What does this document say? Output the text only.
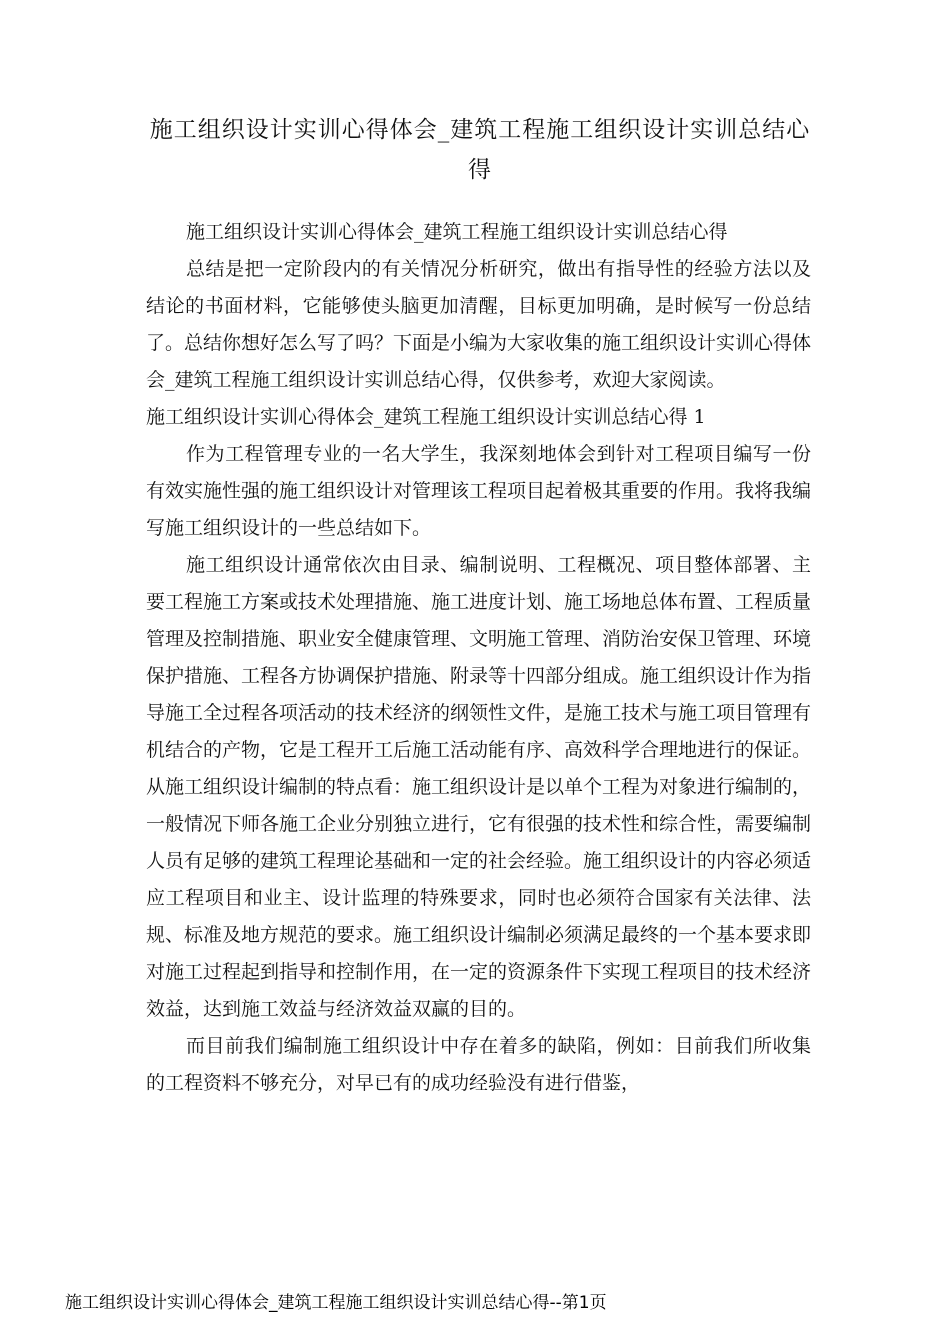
施工组织设计实训心得体会_建筑工程施工组织设计实训总结心得

施工组织设计实训心得体会_建筑工程施工组织设计实训总结心得

总结是把一定阶段内的有关情况分析研究，做出有指导性的经验方法以及结论的书面材料，它能够使头脑更加清醒，目标更加明确，是时候写一份总结了。总结你想好怎么写了吗？下面是小编为大家收集的施工组织设计实训心得体会_建筑工程施工组织设计实训总结心得，仅供参考，欢迎大家阅读。

施工组织设计实训心得体会_建筑工程施工组织设计实训总结心得 1

作为工程管理专业的一名大学生，我深刻地体会到针对工程项目编写一份有效实施性强的施工组织设计对管理该工程项目起着极其重要的作用。我将我编写施工组织设计的一些总结如下。

施工组织设计通常依次由目录、编制说明、工程概况、项目整体部署、主要工程施工方案或技术处理措施、施工进度计划、施工场地总体布置、工程质量管理及控制措施、职业安全健康管理、文明施工管理、消防治安保卫管理、环境保护措施、工程各方协调保护措施、附录等十四部分组成。施工组织设计作为指导施工全过程各项活动的技术经济的纲领性文件，是施工技术与施工项目管理有机结合的产物，它是工程开工后施工活动能有序、高效科学合理地进行的保证。从施工组织设计编制的特点看：施工组织设计是以单个工程为对象进行编制的，一般情况下师各施工企业分别独立进行，它有很强的技术性和综合性，需要编制人员有足够的建筑工程理论基础和一定的社会经验。施工组织设计的内容必须适应工程项目和业主、设计监理的特殊要求，同时也必须符合国家有关法律、法规、标准及地方规范的要求。施工组织设计编制必须满足最终的一个基本要求即对施工过程起到指导和控制作用，在一定的资源条件下实现工程项目的技术经济效益，达到施工效益与经济效益双赢的目的。

而目前我们编制施工组织设计中存在着多的缺陷，例如：目前我们所收集的工程资料不够充分，对早已有的成功经验没有进行借鉴，

施工组织设计实训心得体会_建筑工程施工组织设计实训总结心得--第1页
